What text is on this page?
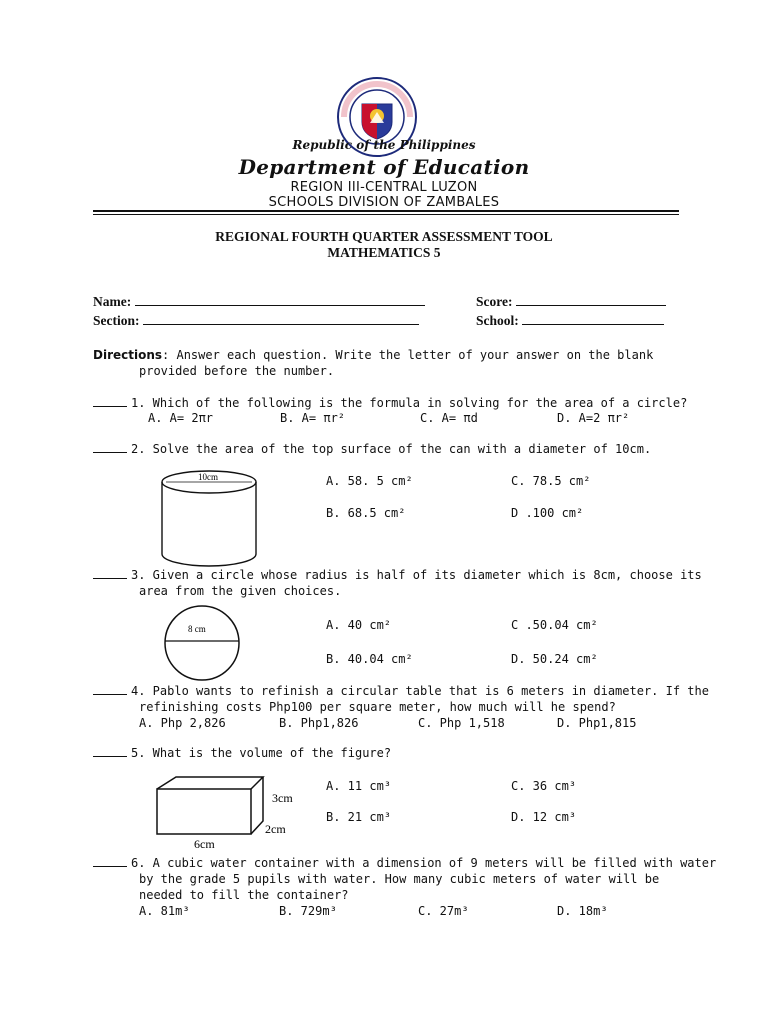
Republic of the Philippines
Department of Education
REGION III-CENTRAL LUZON
SCHOOLS DIVISION OF ZAMBALES
REGIONAL FOURTH QUARTER ASSESSMENT TOOL
MATHEMATICS 5
Name:	Score:
Section:	School:
Directions: Answer each question. Write the letter of your answer on the blank
provided before the number.
1. Which of the following is the formula in solving for the area of a circle?
A. A= 2πr	B. A= πr²	C. A= πd	D. A=2 πr²
2. Solve the area of the top surface of the can with a diameter of 10cm.
10cm	A. 58. 5 cm²	C. 78.5 cm²
B. 68.5 cm²	D .100 cm²
3. Given a circle whose radius is half of its diameter which is 8cm, choose its
area from the given choices.
8 cm	A. 40 cm²	C .50.04 cm²
B. 40.04 cm²	D. 50.24 cm²
4. Pablo wants to refinish a circular table that is 6 meters in diameter. If the
refinishing costs Php100 per square meter, how much will he spend?
A. Php 2,826	B. Php1,826	C. Php 1,518	D. Php1,815
5. What is the volume of the figure?
3cm
2cm
6cm
A. 11 cm³	C. 36 cm³
B. 21 cm³	D. 12 cm³
6. A cubic water container with a dimension of 9 meters will be filled with water
by the grade 5 pupils with water. How many cubic meters of water will be
needed to fill the container?
A. 81m³	B. 729m³	C. 27m³	D. 18m³
